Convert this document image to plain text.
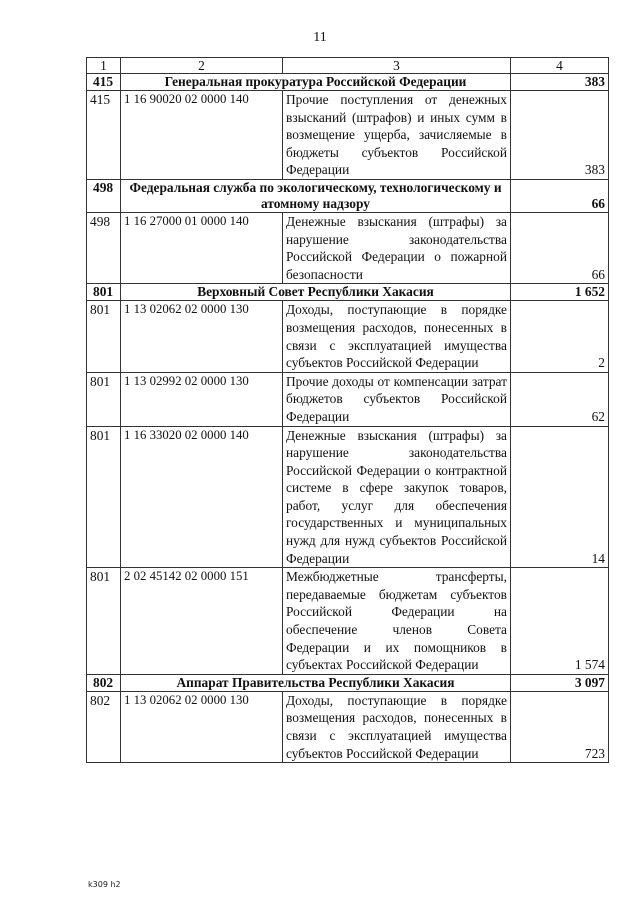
11
1	2	3	4
415	Генеральная прокуратура Российской Федерации		383
415	1 16 90020 02 0000 140	Прочие поступления от денежных взысканий (штрафов) и иных сумм в возмещение ущерба, зачисляемые в бюджеты субъектов Российской Федерации	383
498	Федеральная служба по экологическому, технологическому и атомному надзору		66
498	1 16 27000 01 0000 140	Денежные взыскания (штрафы) за нарушение законодательства Российской Федерации о пожарной безопасности	66
801	Верховный Совет Республики Хакасия		1 652
801	1 13 02062 02 0000 130	Доходы, поступающие в порядке возмещения расходов, понесенных в связи с эксплуатацией имущества субъектов Российской Федерации	2
801	1 13 02992 02 0000 130	Прочие доходы от компенсации затрат бюджетов субъектов Российской Федерации	62
801	1 16 33020 02 0000 140	Денежные взыскания (штрафы) за нарушение законодательства Российской Федерации о контрактной системе в сфере закупок товаров, работ, услуг для обеспечения государственных и муниципальных нужд для нужд субъектов Российской Федерации	14
801	2 02 45142 02 0000 151	Межбюджетные трансферты, передаваемые бюджетам субъектов Российской Федерации на обеспечение членов Совета Федерации и их помощников в субъектах Российской Федерации	1 574
802	Аппарат Правительства Республики Хакасия		3 097
802	1 13 02062 02 0000 130	Доходы, поступающие в порядке возмещения расходов, понесенных в связи с эксплуатацией имущества субъектов Российской Федерации	723
k309 h2
